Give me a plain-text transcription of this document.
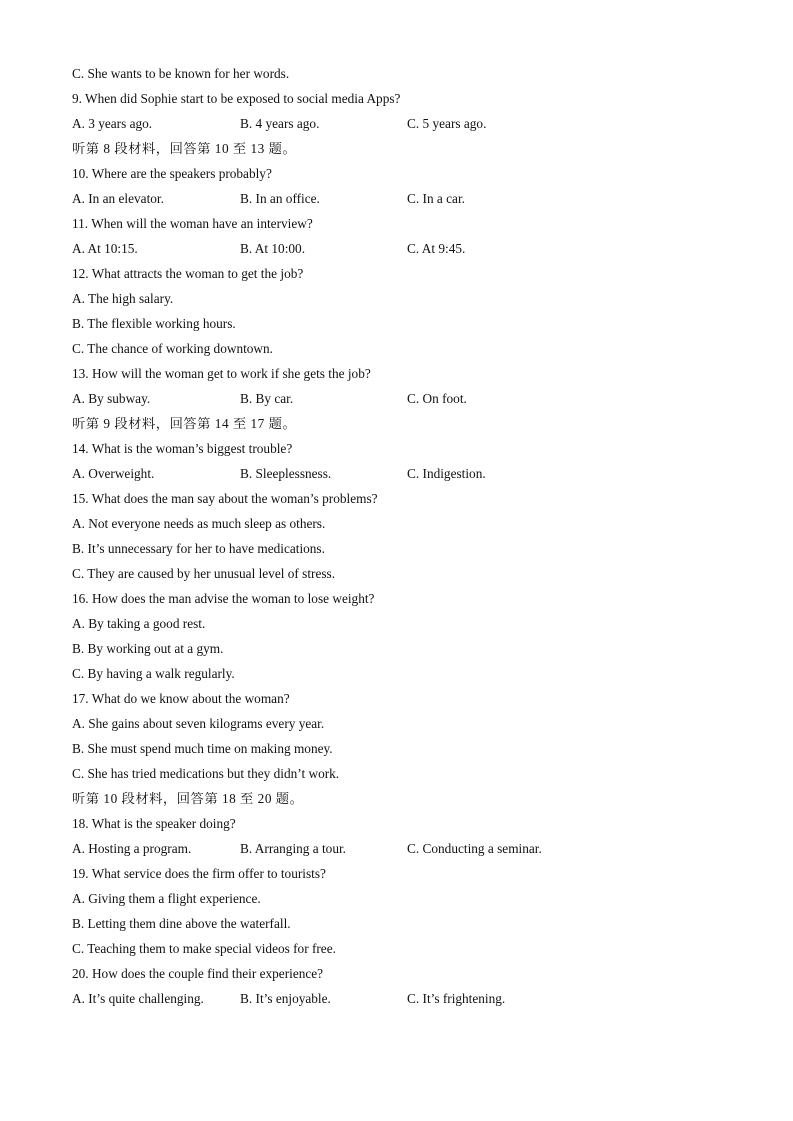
C. She wants to be known for her words.
9. When did Sophie start to be exposed to social media Apps?
A. 3 years ago.	B. 4 years ago.	C. 5 years ago.
听第 8 段材料，回答第 10 至 13 题。
10. Where are the speakers probably?
A. In an elevator.	B. In an office.	C. In a car.
11. When will the woman have an interview?
A. At 10:15.	B. At 10:00.	C. At 9:45.
12. What attracts the woman to get the job?
A. The high salary.
B. The flexible working hours.
C. The chance of working downtown.
13. How will the woman get to work if she gets the job?
A. By subway.	B. By car.	C. On foot.
听第 9 段材料，回答第 14 至 17 题。
14. What is the woman’s biggest trouble?
A. Overweight.	B. Sleeplessness.	C. Indigestion.
15. What does the man say about the woman’s problems?
A. Not everyone needs as much sleep as others.
B. It’s unnecessary for her to have medications.
C. They are caused by her unusual level of stress.
16. How does the man advise the woman to lose weight?
A. By taking a good rest.
B. By working out at a gym.
C. By having a walk regularly.
17. What do we know about the woman?
A. She gains about seven kilograms every year.
B. She must spend much time on making money.
C. She has tried medications but they didn’t work.
听第 10 段材料，回答第 18 至 20 题。
18. What is the speaker doing?
A. Hosting a program.	B. Arranging a tour.	C. Conducting a seminar.
19. What service does the firm offer to tourists?
A. Giving them a flight experience.
B. Letting them dine above the waterfall.
C. Teaching them to make special videos for free.
20. How does the couple find their experience?
A. It’s quite challenging.	B. It’s enjoyable.	C. It’s frightening.
